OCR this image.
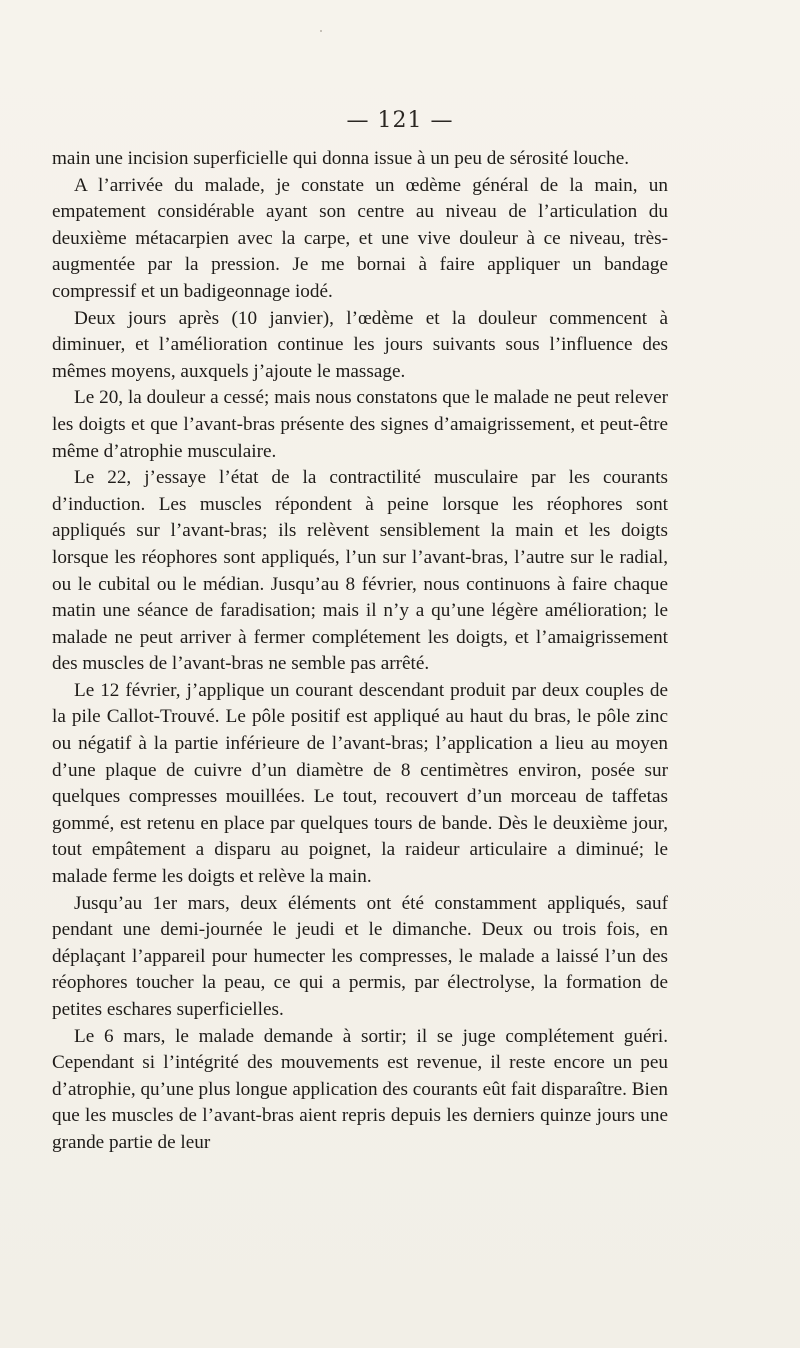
— 121 —

main une incision superficielle qui donna issue à un peu de sérosité louche.

A l’arrivée du malade, je constate un œdème général de la main, un empatement considérable ayant son centre au niveau de l’articulation du deuxième métacarpien avec la carpe, et une vive douleur à ce niveau, très-augmentée par la pression. Je me bornai à faire appliquer un bandage compressif et un badigeonnage iodé.

Deux jours après (10 janvier), l’œdème et la douleur commencent à diminuer, et l’amélioration continue les jours suivants sous l’influence des mêmes moyens, auxquels j’ajoute le massage.

Le 20, la douleur a cessé; mais nous constatons que le malade ne peut relever les doigts et que l’avant-bras présente des signes d’amaigrissement, et peut-être même d’atrophie musculaire.

Le 22, j’essaye l’état de la contractilité musculaire par les courants d’induction. Les muscles répondent à peine lorsque les réophores sont appliqués sur l’avant-bras; ils relèvent sensiblement la main et les doigts lorsque les réophores sont appliqués, l’un sur l’avant-bras, l’autre sur le radial, ou le cubital ou le médian. Jusqu’au 8 février, nous continuons à faire chaque matin une séance de faradisation; mais il n’y a qu’une légère amélioration; le malade ne peut arriver à fermer complétement les doigts, et l’amaigrissement des muscles de l’avant-bras ne semble pas arrêté.

Le 12 février, j’applique un courant descendant produit par deux couples de la pile Callot-Trouvé. Le pôle positif est appliqué au haut du bras, le pôle zinc ou négatif à la partie inférieure de l’avant-bras; l’application a lieu au moyen d’une plaque de cuivre d’un diamètre de 8 centimètres environ, posée sur quelques compresses mouillées. Le tout, recouvert d’un morceau de taffetas gommé, est retenu en place par quelques tours de bande. Dès le deuxième jour, tout empâtement a disparu au poignet, la raideur articulaire a diminué; le malade ferme les doigts et relève la main.

Jusqu’au 1er mars, deux éléments ont été constamment appliqués, sauf pendant une demi-journée le jeudi et le dimanche. Deux ou trois fois, en déplaçant l’appareil pour humecter les compresses, le malade a laissé l’un des réophores toucher la peau, ce qui a permis, par électrolyse, la formation de petites eschares superficielles.

Le 6 mars, le malade demande à sortir; il se juge complétement guéri. Cependant si l’intégrité des mouvements est revenue, il reste encore un peu d’atrophie, qu’une plus longue application des courants eût fait disparaître. Bien que les muscles de l’avant-bras aient repris depuis les derniers quinze jours une grande partie de leur
